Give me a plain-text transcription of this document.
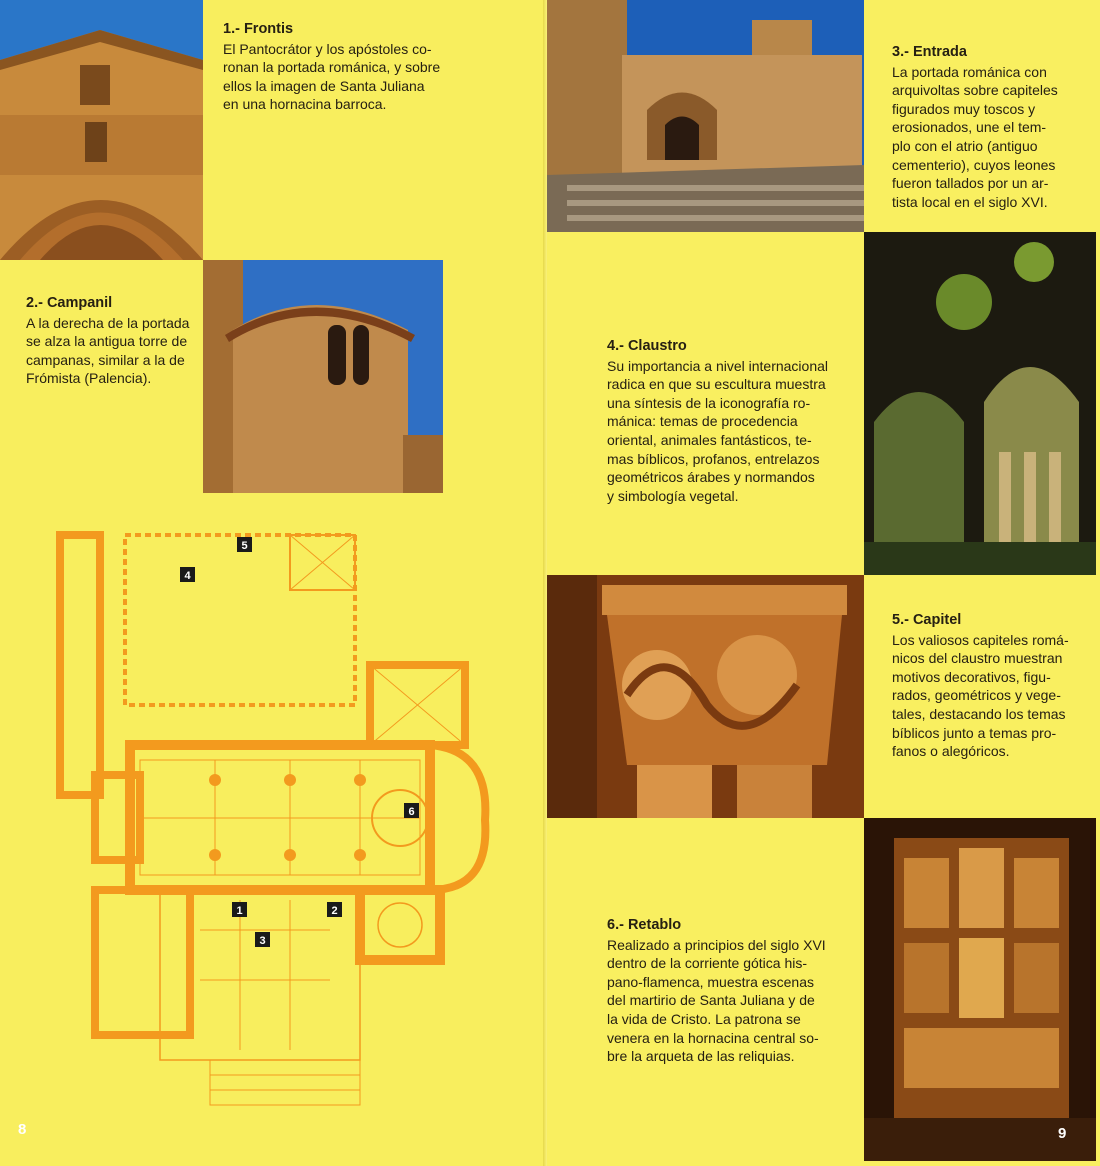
1.- Frontis
El Pantocrátor y los apóstoles co-
ronan la portada románica, y sobre
ellos la imagen de Santa Juliana
en una hornacina barroca.
2.- Campanil
A la derecha de la portada
se alza la antigua torre de
campanas, similar a la de
Frómista (Palencia).
3.- Entrada
La portada románica con
arquivoltas sobre capiteles
figurados muy toscos y
erosionados, une el tem-
plo con el atrio (antiguo
cementerio), cuyos leones
fueron tallados por un ar-
tista local en el siglo XVI.
4.- Claustro
Su importancia a nivel internacional
radica en que su escultura muestra
una síntesis de la iconografía ro-
mánica: temas de procedencia
oriental, animales fantásticos, te-
mas bíblicos, profanos, entrelazos
geométricos árabes y normandos
y simbología vegetal.
5.- Capitel
Los valiosos capiteles romá-
nicos del claustro muestran
motivos decorativos, figu-
rados, geométricos y vege-
tales, destacando los temas
bíblicos junto a temas pro-
fanos o alegóricos.
6.- Retablo
Realizado a principios del siglo XVI
dentro de la corriente gótica his-
pano-flamenca, muestra escenas
del martirio de Santa Juliana y de
la vida de Cristo. La patrona se
venera en la hornacina central so-
bre la arqueta de las reliquias.
1	2
3
4
5
6
8	9
